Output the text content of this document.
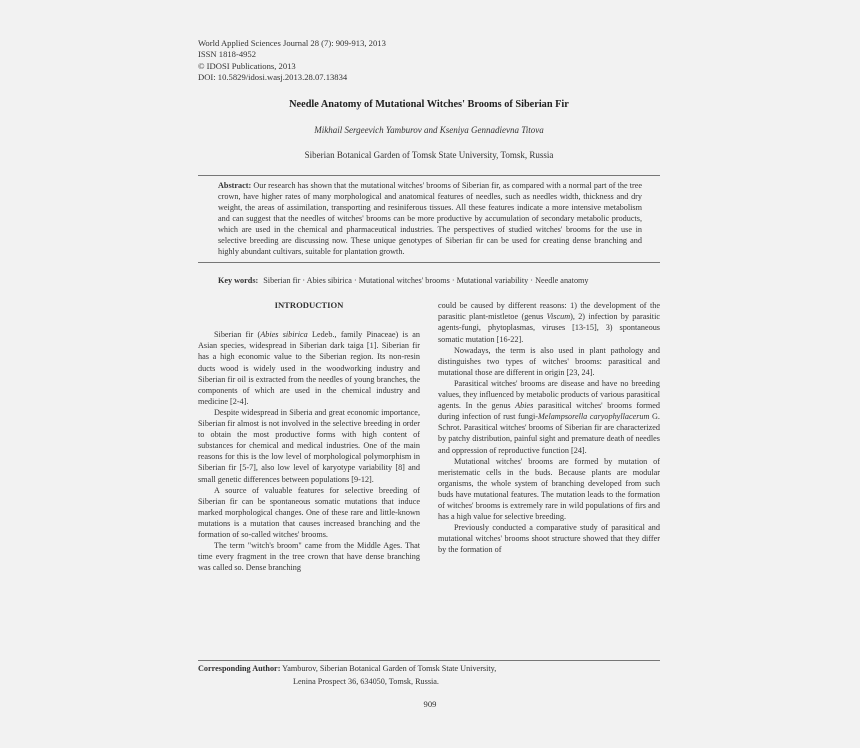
World Applied Sciences Journal 28 (7): 909-913, 2013
ISSN 1818-4952
© IDOSI Publications, 2013
DOI: 10.5829/idosi.wasj.2013.28.07.13834
Needle Anatomy of Mutational Witches' Brooms of Siberian Fir
Mikhail Sergeevich Yamburov and Kseniya Gennadievna Titova
Siberian Botanical Garden of Tomsk State University, Tomsk, Russia
Abstract: Our research has shown that the mutational witches' brooms of Siberian fir, as compared with a normal part of the tree crown, have higher rates of many morphological and anatomical features of needles, such as needles width, thickness and dry weight, the areas of assimilation, transporting and resiniferous tissues. All these features indicate a more intensive metabolism and can suggest that the needles of witches' brooms can be more productive by accumulation of secondary metabolic products, which are used in the chemical and pharmaceutical industries. The perspectives of studied witches' brooms for the use in selective breeding are discussing now. These unique genotypes of Siberian fir can be used for creating dense branching and highly abundant cultivars, suitable for plantation growth.
Key words: Siberian fir · Abies sibirica · Mutational witches' brooms · Mutational variability · Needle anatomy
INTRODUCTION

Siberian fir (Abies sibirica Ledeb., family Pinaceae) is an Asian species, widespread in Siberian dark taiga [1]. Siberian fir has a high economic value to the Siberian region. Its non-resin ducts wood is widely used in the woodworking industry and Siberian fir oil is extracted from the needles of young branches, the components of which are used in the chemical industry and medicine [2-4].

Despite widespread in Siberia and great economic importance, Siberian fir almost is not involved in the selective breeding in order to obtain the most productive forms with high content of substances for chemical and medical industries. One of the main reasons for this is the low level of morphological polymorphism in Siberian fir [5-7], also low level of karyotype variability [8] and small genetic differences between populations [9-12].

A source of valuable features for selective breeding of Siberian fir can be spontaneous somatic mutations that induce marked morphological changes. One of these rare and little-known mutations is a mutation that causes increased branching and the formation of so-called witches' brooms.

The term "witch's broom" came from the Middle Ages. That time every fragment in the tree crown that have dense branching was called so. Dense branching

could be caused by different reasons: 1) the development of the parasitic plant-mistletoe (genus Viscum), 2) infection by parasitic agents-fungi, phytoplasmas, viruses [13-15], 3) spontaneous somatic mutation [16-22].

Nowadays, the term is also used in plant pathology and distinguishes two types of witches' brooms: parasitical and mutational those are different in origin [23, 24].

Parasitical witches' brooms are disease and have no breeding values, they influenced by metabolic products of various parasitical agents. In the genus Abies parasitical witches' brooms formed during infection of rust fungi-Melampsorella caryophyllacerum G. Schrot. Parasitical witches' brooms of Siberian fir are characterized by patchy distribution, painful sight and premature death of needles and oppression of reproductive function [24].

Mutational witches' brooms are formed by mutation of meristematic cells in the buds. Because plants are modular organisms, the whole system of branching developed from such buds have mutational features. The mutation leads to the formation of witches' brooms is extremely rare in wild populations of firs and has a high value for selective breeding.

Previously conducted a comparative study of parasitical and mutational witches' brooms shoot structure showed that they differ by the formation of

Corresponding Author: Yamburov, Siberian Botanical Garden of Tomsk State University,
Lenina Prospect 36, 634050, Tomsk, Russia.
909
